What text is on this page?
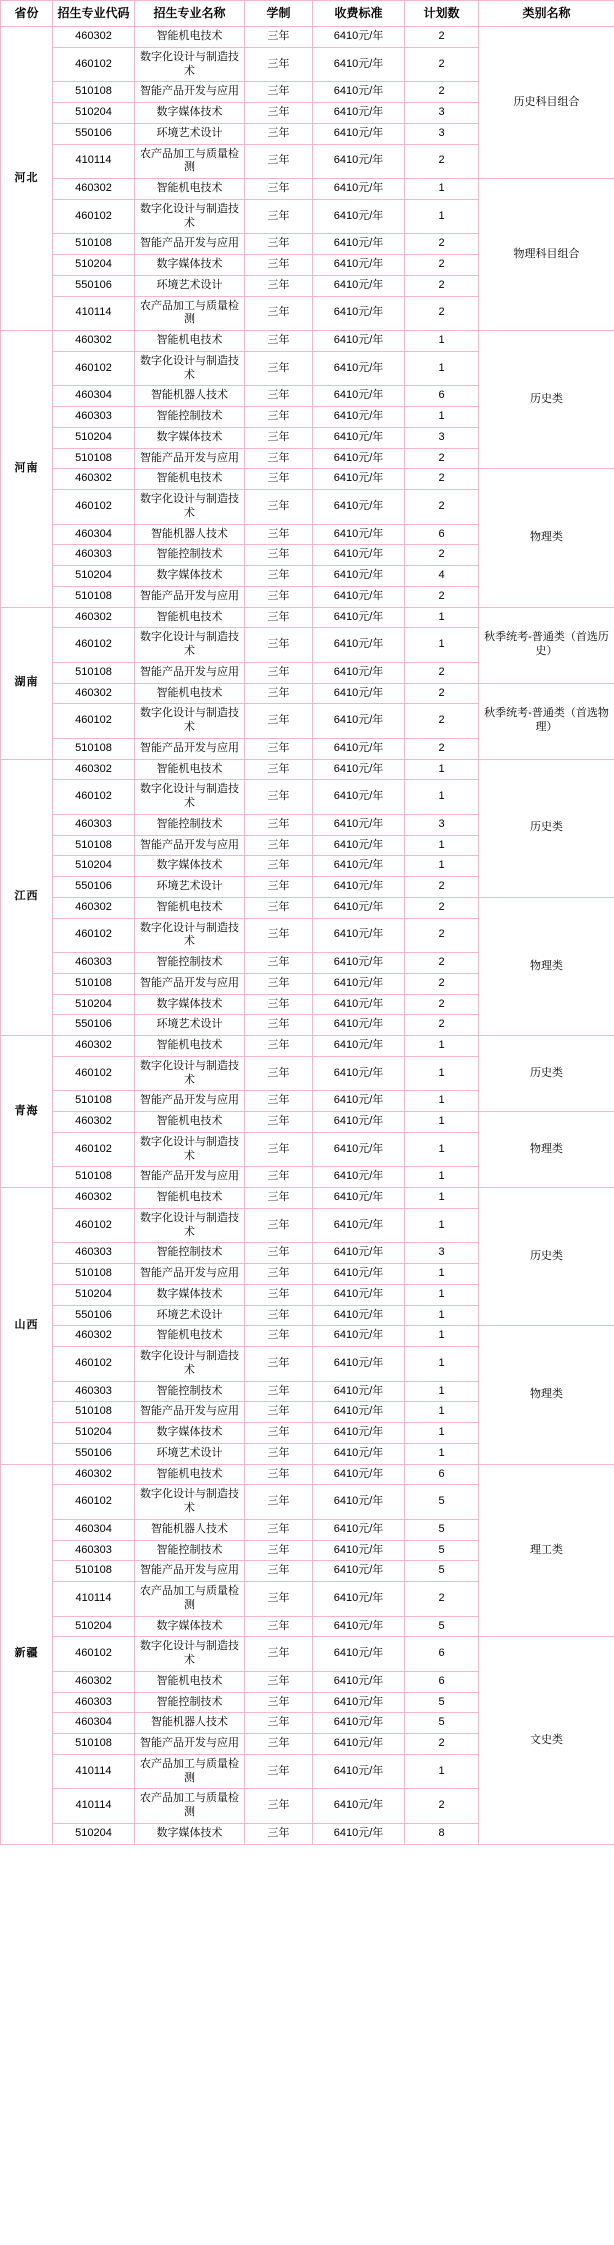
省份	招生专业代码	招生专业名称	学制	收费标准	计划数	类别名称
河北	460302	智能机电技术	三年	6410元/年	2	历史科目组合
	460102	数字化设计与制造技术	三年	6410元/年	2	
	510108	智能产品开发与应用	三年	6410元/年	2	
	510204	数字媒体技术	三年	6410元/年	3	
	550106	环境艺术设计	三年	6410元/年	3	
	410114	农产品加工与质量检测	三年	6410元/年	2	
	460302	智能机电技术	三年	6410元/年	1	物理科目组合
	460102	数字化设计与制造技术	三年	6410元/年	1	
	510108	智能产品开发与应用	三年	6410元/年	2	
	510204	数字媒体技术	三年	6410元/年	2	
	550106	环境艺术设计	三年	6410元/年	2	
	410114	农产品加工与质量检测	三年	6410元/年	2	
河南	460302	智能机电技术	三年	6410元/年	1	历史类
	460102	数字化设计与制造技术	三年	6410元/年	1	
	460304	智能机器人技术	三年	6410元/年	6	
	460303	智能控制技术	三年	6410元/年	1	
	510204	数字媒体技术	三年	6410元/年	3	
	510108	智能产品开发与应用	三年	6410元/年	2	
	460302	智能机电技术	三年	6410元/年	2	物理类
	460102	数字化设计与制造技术	三年	6410元/年	2	
	460304	智能机器人技术	三年	6410元/年	6	
	460303	智能控制技术	三年	6410元/年	2	
	510204	数字媒体技术	三年	6410元/年	4	
	510108	智能产品开发与应用	三年	6410元/年	2	
湖南	460302	智能机电技术	三年	6410元/年	1	秋季统考-普通类（首选历史）
	460102	数字化设计与制造技术	三年	6410元/年	1	
	510108	智能产品开发与应用	三年	6410元/年	2	
	460302	智能机电技术	三年	6410元/年	2	秋季统考-普通类（首选物理）
	460102	数字化设计与制造技术	三年	6410元/年	2	
	510108	智能产品开发与应用	三年	6410元/年	2	
江西	460302	智能机电技术	三年	6410元/年	1	历史类
	460102	数字化设计与制造技术	三年	6410元/年	1	
	460303	智能控制技术	三年	6410元/年	3	
	510108	智能产品开发与应用	三年	6410元/年	1	
	510204	数字媒体技术	三年	6410元/年	1	
	550106	环境艺术设计	三年	6410元/年	2	
	460302	智能机电技术	三年	6410元/年	2	物理类
	460102	数字化设计与制造技术	三年	6410元/年	2	
	460303	智能控制技术	三年	6410元/年	2	
	510108	智能产品开发与应用	三年	6410元/年	2	
	510204	数字媒体技术	三年	6410元/年	2	
	550106	环境艺术设计	三年	6410元/年	2	
青海	460302	智能机电技术	三年	6410元/年	1	历史类
	460102	数字化设计与制造技术	三年	6410元/年	1	
	510108	智能产品开发与应用	三年	6410元/年	1	
	460302	智能机电技术	三年	6410元/年	1	物理类
	460102	数字化设计与制造技术	三年	6410元/年	1	
	510108	智能产品开发与应用	三年	6410元/年	1	
山西	460302	智能机电技术	三年	6410元/年	1	历史类
	460102	数字化设计与制造技术	三年	6410元/年	1	
	460303	智能控制技术	三年	6410元/年	3	
	510108	智能产品开发与应用	三年	6410元/年	1	
	510204	数字媒体技术	三年	6410元/年	1	
	550106	环境艺术设计	三年	6410元/年	1	
	460302	智能机电技术	三年	6410元/年	1	物理类
	460102	数字化设计与制造技术	三年	6410元/年	1	
	460303	智能控制技术	三年	6410元/年	1	
	510108	智能产品开发与应用	三年	6410元/年	1	
	510204	数字媒体技术	三年	6410元/年	1	
	550106	环境艺术设计	三年	6410元/年	1	
新疆	460302	智能机电技术	三年	6410元/年	6	理工类
	460102	数字化设计与制造技术	三年	6410元/年	5	
	460304	智能机器人技术	三年	6410元/年	5	
	460303	智能控制技术	三年	6410元/年	5	
	510108	智能产品开发与应用	三年	6410元/年	5	
	410114	农产品加工与质量检测	三年	6410元/年	2	
	510204	数字媒体技术	三年	6410元/年	5	
	460102	数字化设计与制造技术	三年	6410元/年	6	文史类
	460302	智能机电技术	三年	6410元/年	6	
	460303	智能控制技术	三年	6410元/年	5	
	460304	智能机器人技术	三年	6410元/年	5	
	510108	智能产品开发与应用	三年	6410元/年	2	
	410114	农产品加工与质量检测	三年	6410元/年	1	
	410114	农产品加工与质量检测	三年	6410元/年	2	
	510204	数字媒体技术	三年	6410元/年	8	
